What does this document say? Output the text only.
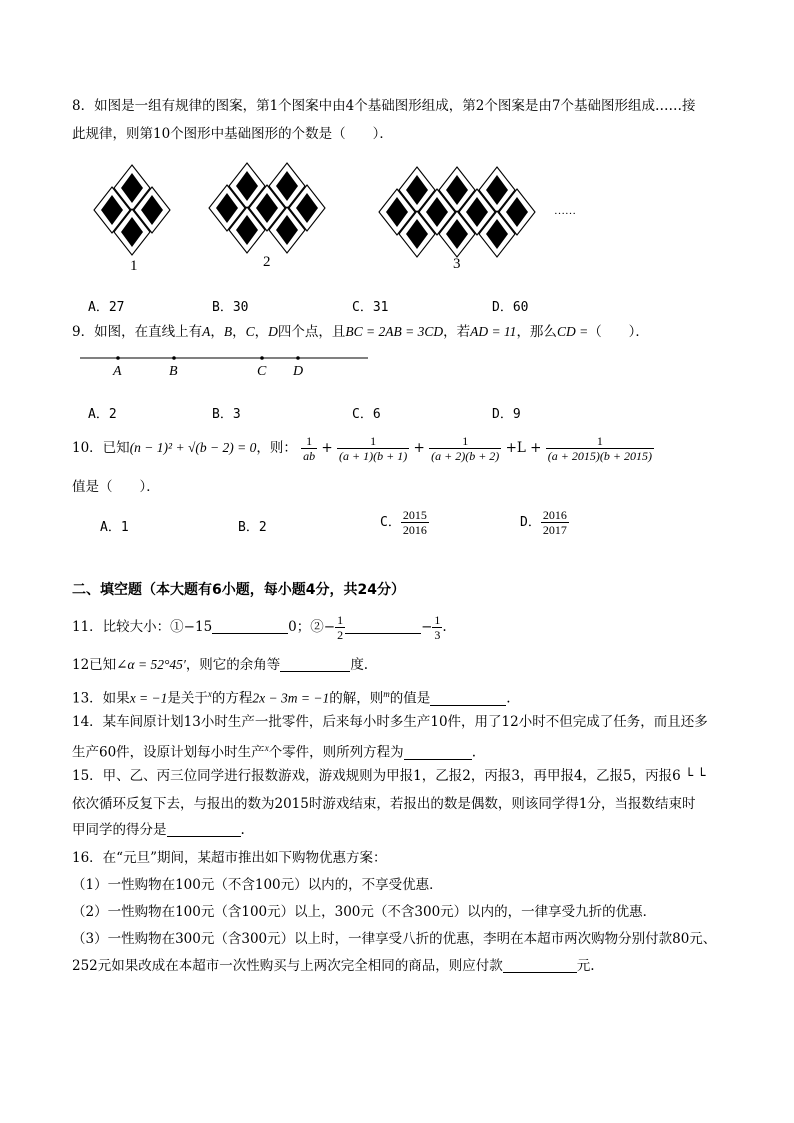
8．如图是一组有规律的图案，第1个图案中由4个基础图形组成，第2个图案是由7个基础图形组成……接
此规律，则第10个图形中基础图形的个数是（　　）．
1	2	3
……
A．27	B．30	C．31	D．60
9．如图，在直线上有A，B，C，D四个点，且BC = 2AB = 3CD，若AD = 11，那么CD =（　　）．
A	B	C D
A．2	B．3	C．6	D．9
10．已知(n − 1)² + √(b − 2) = 0，则： $\frac{1}{ab} + \frac{1}{(a + 1)(b + 1)} + \frac{1}{(a + 2)(b + 2)} +L + \frac{1}{(a + 2015)(b + 2015)}$
值是（　　）．
A．1	B．2	C． $\frac{2015}{2016}$	D． $\frac{2016}{2017}$
二、填空题（本大题有6小题，每小题4分，共24分）
11．比较大小：①−15	0；②− $\frac{1}{2}$	− $\frac{1}{3}$ .
12已知∠α = 52°45′，则它的余角等	度.
13．如果x = −1是关于$^x$的方程2x − 3m = −1的解，则$^m$的值是	.
14．某车间原计划13小时生产一批零件，后来每小时多生产10件，用了12小时不但完成了任务，而且还多
生产60件，设原计划每小时生产$^x$个零件，则所列方程为	.
15．甲、乙、丙三位同学进行报数游戏，游戏规则为甲报1，乙报2，丙报3，再甲报4，乙报5，丙报6 └ └
依次循环反复下去，与报出的数为2015时游戏结束，若报出的数是偶数，则该同学得1分，当报数结束时
甲同学的得分是	.
16．在“元旦”期间，某超市推出如下购物优惠方案：
（1）一性购物在100元（不含100元）以内的，不享受优惠．
（2）一性购物在100元（含100元）以上，300元（不含300元）以内的，一律享受九折的优惠．
（3）一性购物在300元（含300元）以上时，一律享受八折的优惠，李明在本超市两次购物分别付款80元、
252元如果改成在本超市一次性购买与上两次完全相同的商品，则应付款	元.
